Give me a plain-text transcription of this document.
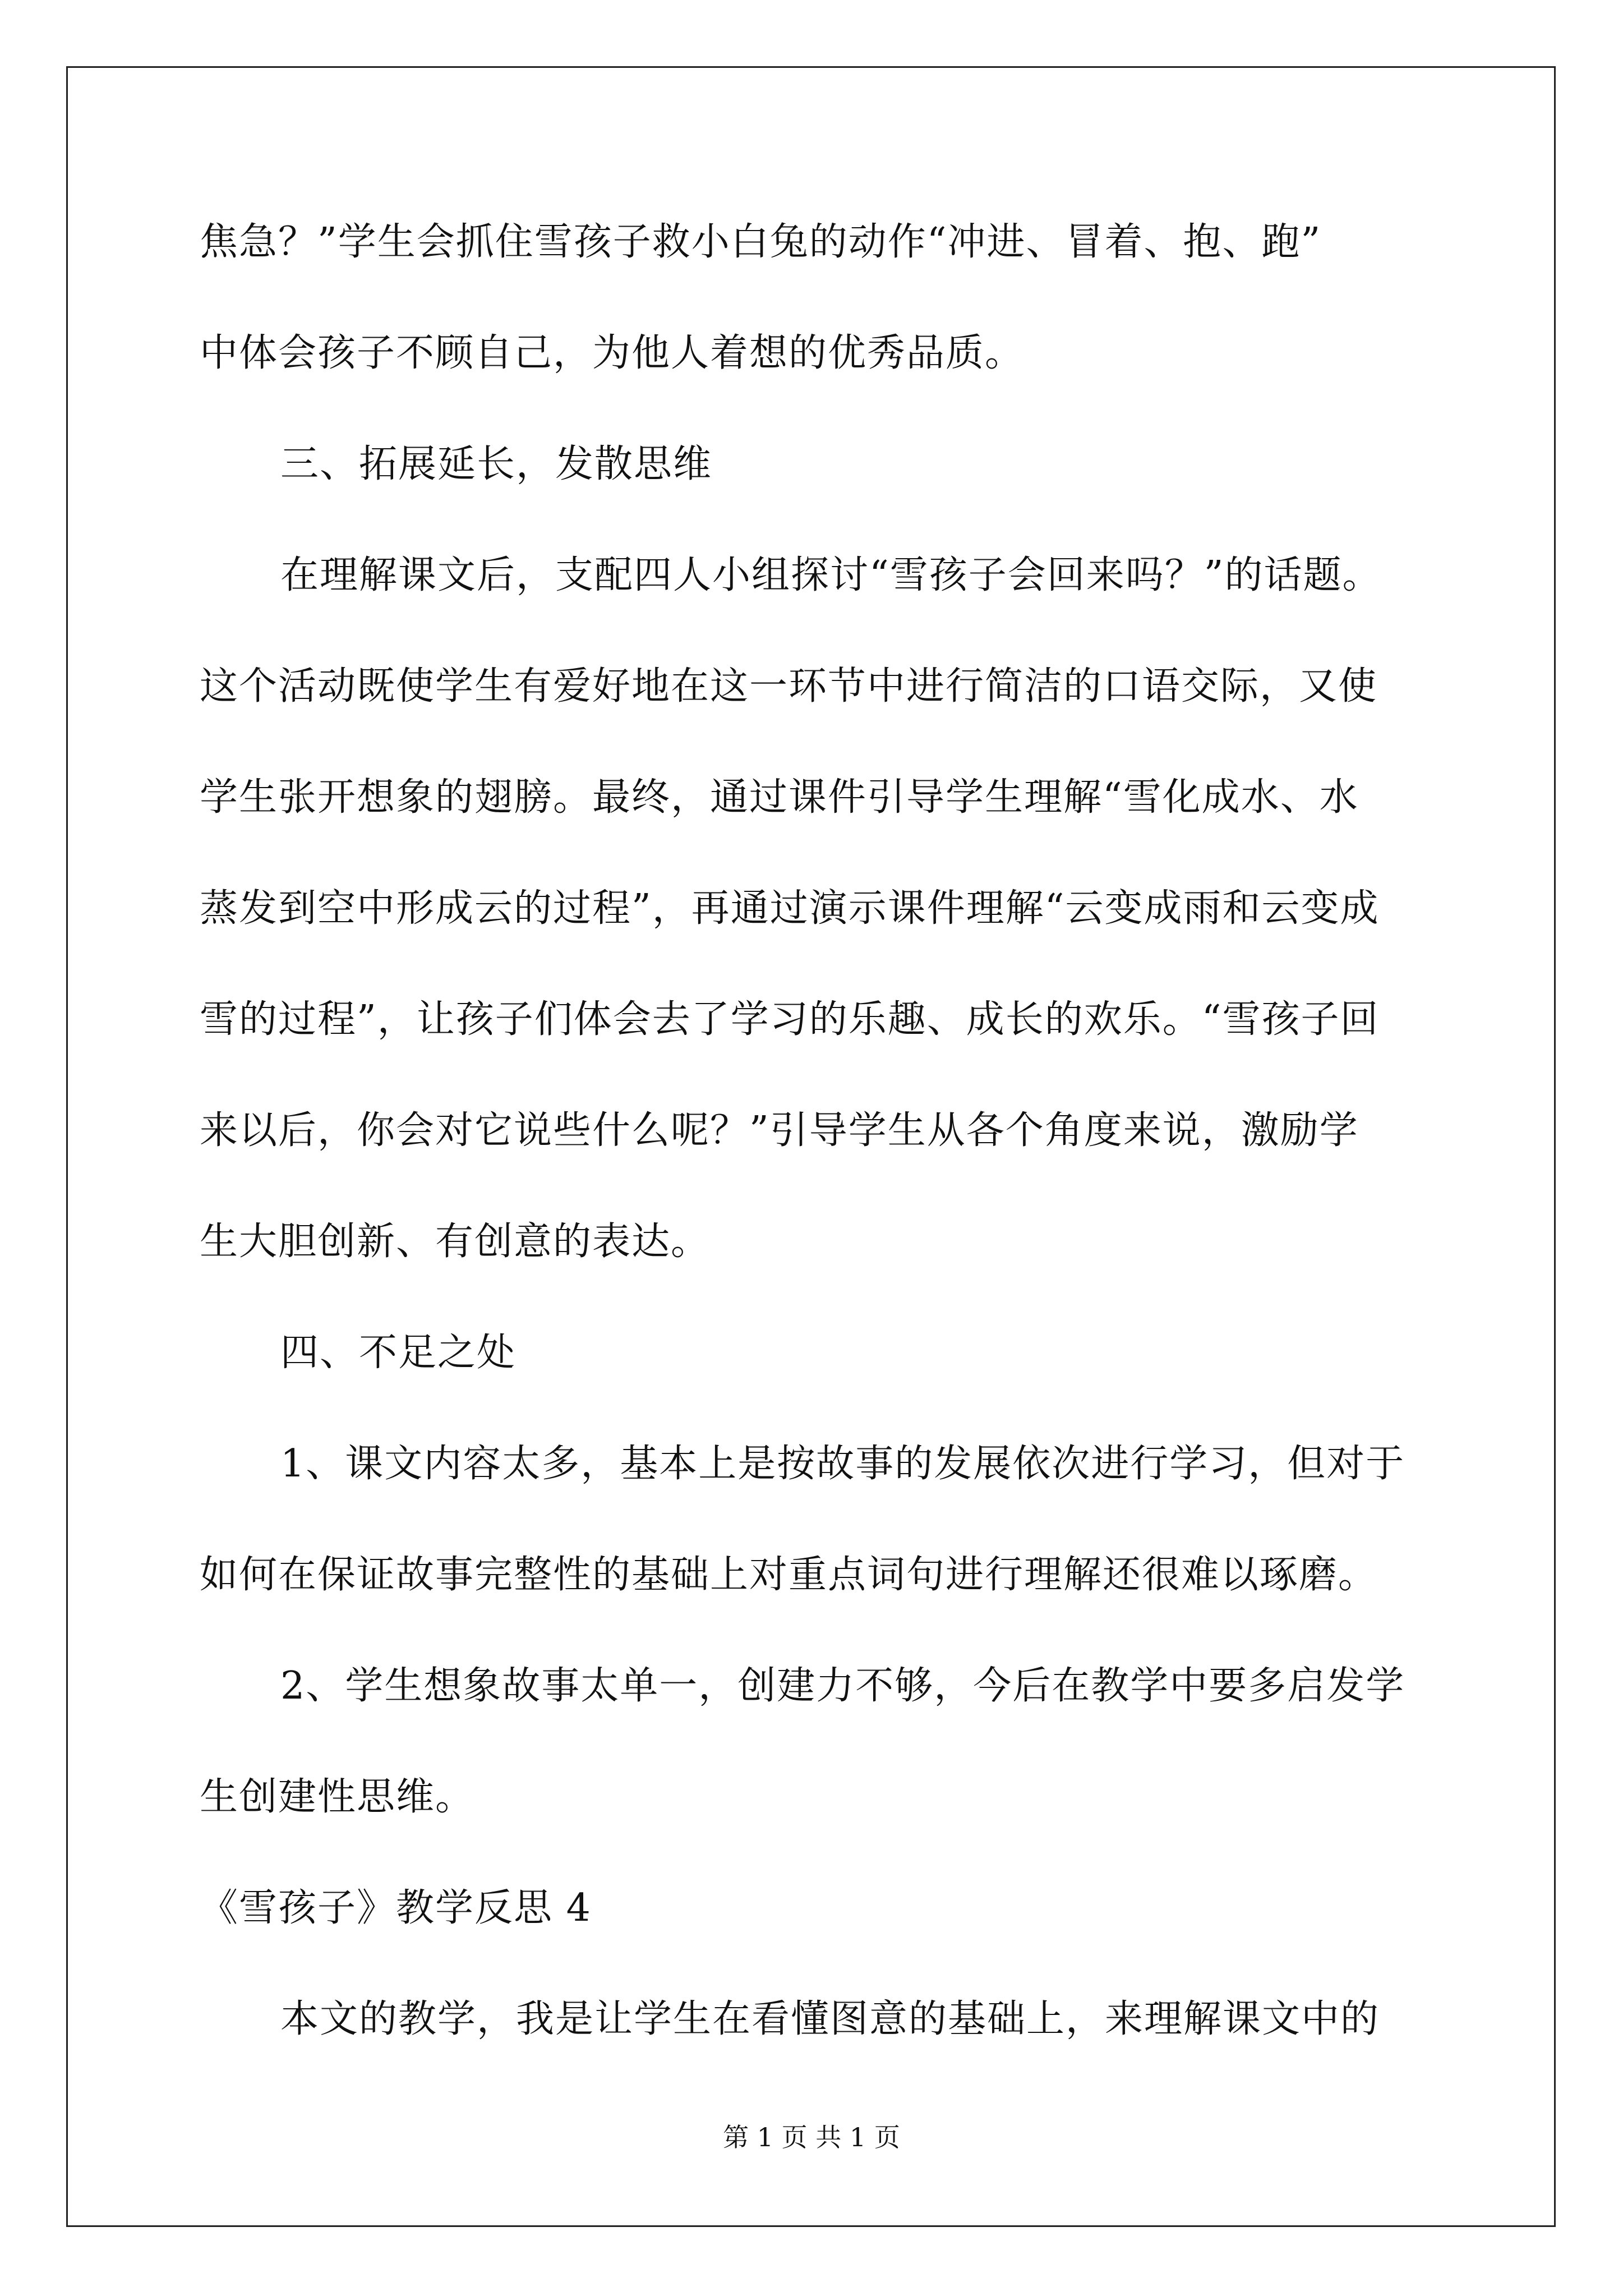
焦急？”学生会抓住雪孩子救小白兔的动作“冲进、冒着、抱、跑”
中体会孩子不顾自己，为他人着想的优秀品质。
三、拓展延长，发散思维
在理解课文后，支配四人小组探讨“雪孩子会回来吗？”的话题。
这个活动既使学生有爱好地在这一环节中进行简洁的口语交际，又使
学生张开想象的翅膀。最终，通过课件引导学生理解“雪化成水、水
蒸发到空中形成云的过程”，再通过演示课件理解“云变成雨和云变成
雪的过程”，让孩子们体会去了学习的乐趣、成长的欢乐。“雪孩子回
来以后，你会对它说些什么呢？”引导学生从各个角度来说，激励学
生大胆创新、有创意的表达。
四、不足之处
1、课文内容太多，基本上是按故事的发展依次进行学习，但对于
如何在保证故事完整性的基础上对重点词句进行理解还很难以琢磨。
2、学生想象故事太单一，创建力不够，今后在教学中要多启发学
生创建性思维。
《雪孩子》教学反思 4
本文的教学，我是让学生在看懂图意的基础上，来理解课文中的
第 1 页 共 1 页
